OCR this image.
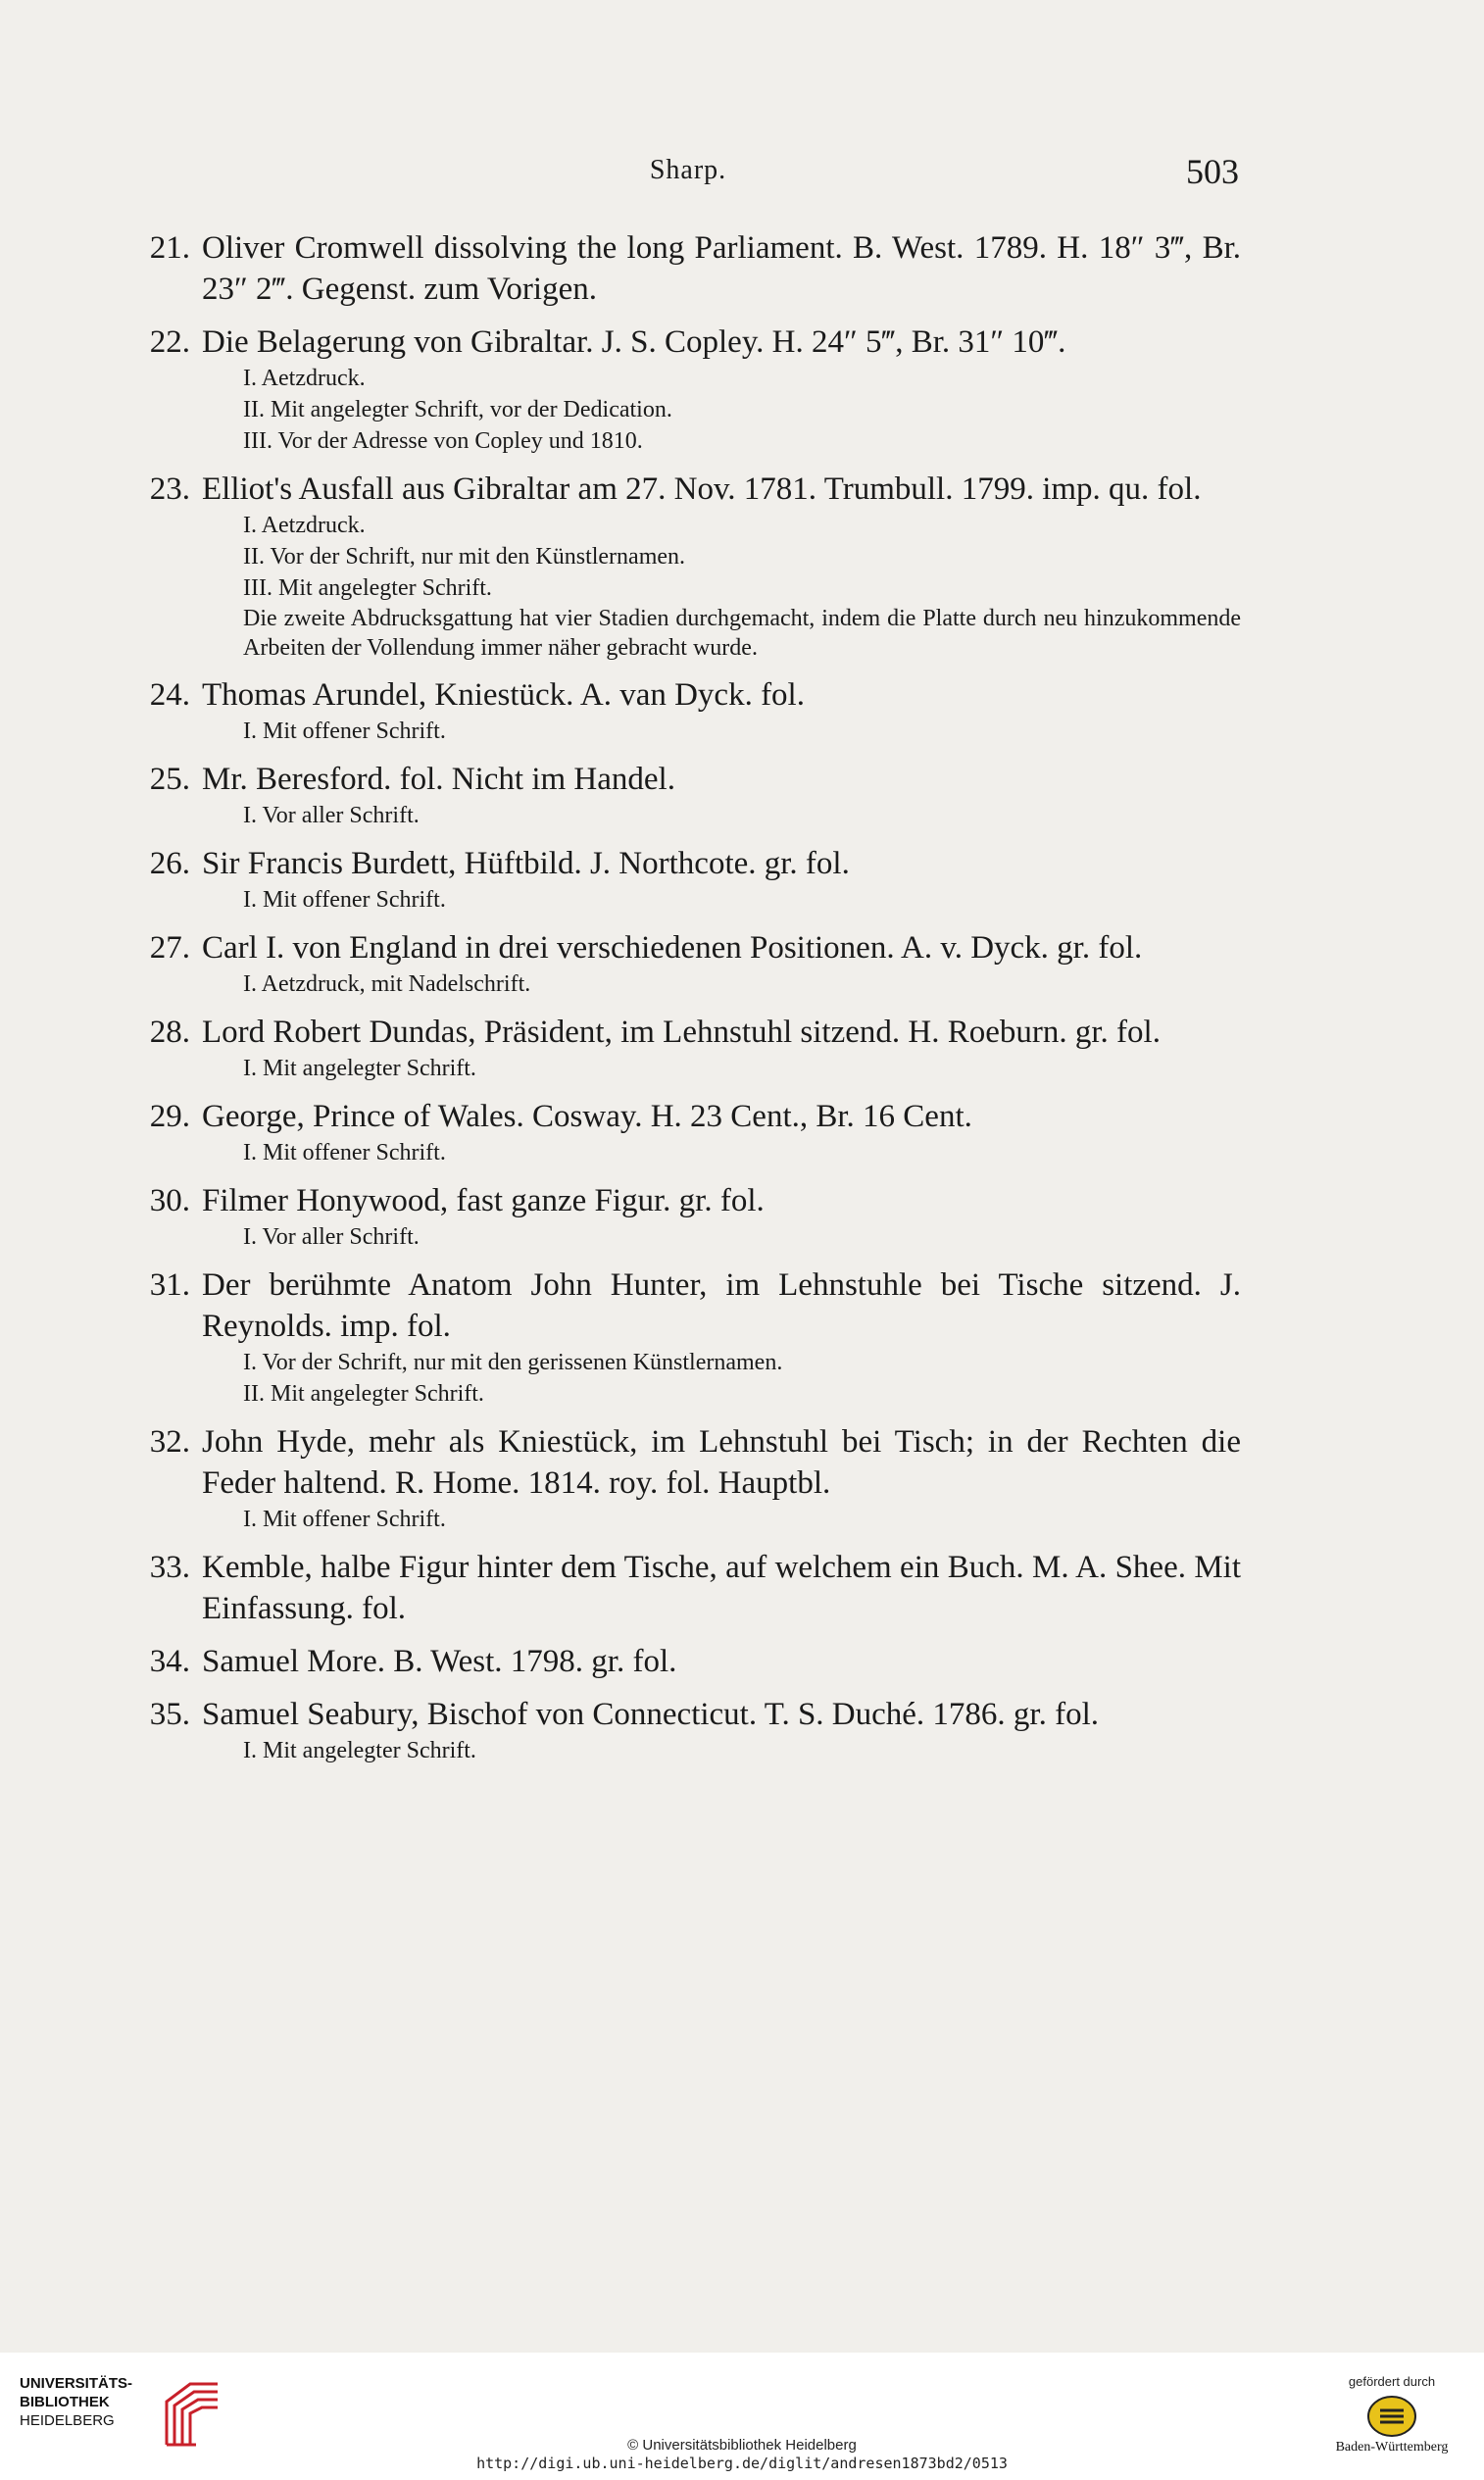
Sharp.	503
21. Oliver Cromwell dissolving the long Parliament. B. West. 1789. H. 18″ 3‴, Br. 23″ 2‴. Gegenst. zum Vorigen.
22. Die Belagerung von Gibraltar. J. S. Copley. H. 24″ 5‴, Br. 31″ 10‴.
I. Aetzdruck.
II. Mit angelegter Schrift, vor der Dedication.
III. Vor der Adresse von Copley und 1810.
23. Elliot's Ausfall aus Gibraltar am 27. Nov. 1781. Trumbull. 1799. imp. qu. fol.
I. Aetzdruck.
II. Vor der Schrift, nur mit den Künstlernamen.
III. Mit angelegter Schrift.
Die zweite Abdrucksgattung hat vier Stadien durchgemacht, indem die Platte durch neu hinzukommende Arbeiten der Vollendung immer näher gebracht wurde.
24. Thomas Arundel, Kniestück. A. van Dyck. fol.
I. Mit offener Schrift.
25. Mr. Beresford. fol. Nicht im Handel.
I. Vor aller Schrift.
26. Sir Francis Burdett, Hüftbild. J. Northcote. gr. fol.
I. Mit offener Schrift.
27. Carl I. von England in drei verschiedenen Positionen. A. v. Dyck. gr. fol.
I. Aetzdruck, mit Nadelschrift.
28. Lord Robert Dundas, Präsident, im Lehnstuhl sitzend. H. Roeburn. gr. fol.
I. Mit angelegter Schrift.
29. George, Prince of Wales. Cosway. H. 23 Cent., Br. 16 Cent.
I. Mit offener Schrift.
30. Filmer Honywood, fast ganze Figur. gr. fol.
I. Vor aller Schrift.
31. Der berühmte Anatom John Hunter, im Lehnstuhle bei Tische sitzend. J. Reynolds. imp. fol.
I. Vor der Schrift, nur mit den gerissenen Künstlernamen.
II. Mit angelegter Schrift.
32. John Hyde, mehr als Kniestück, im Lehnstuhl bei Tisch; in der Rechten die Feder haltend. R. Home. 1814. roy. fol. Hauptbl.
I. Mit offener Schrift.
33. Kemble, halbe Figur hinter dem Tische, auf welchem ein Buch. M. A. Shee. Mit Einfassung. fol.
34. Samuel More. B. West. 1798. gr. fol.
35. Samuel Seabury, Bischof von Connecticut. T. S. Duché. 1786. gr. fol.
I. Mit angelegter Schrift.
UNIVERSITÄTS-
BIBLIOTHEK
HEIDELBERG
© Universitätsbibliothek Heidelberg
http://digi.ub.uni-heidelberg.de/diglit/andresen1873bd2/0513
gefördert durch
Baden-Württemberg
